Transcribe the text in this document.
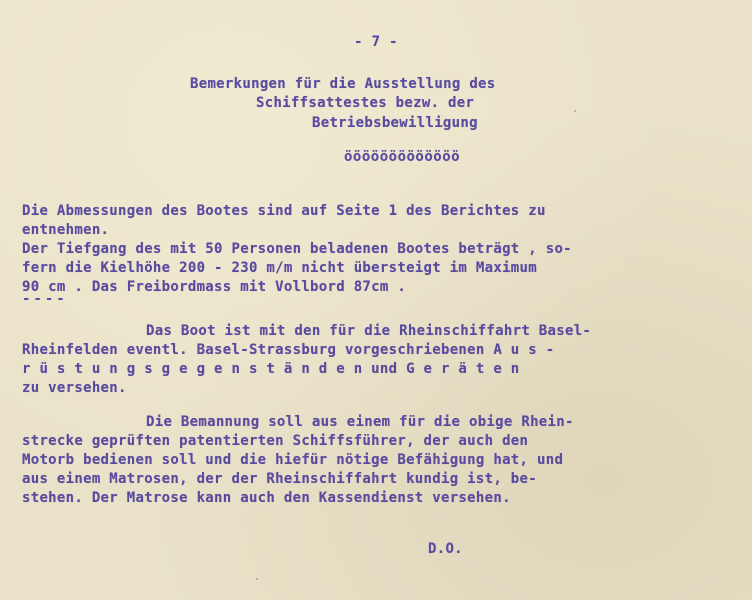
- 7 -
Bemerkungen für die Ausstellung des
Schiffsattestes bezw. der
Betriebsbewilligung
ööööööööööööö
Die Abmessungen des Bootes sind auf Seite 1 des Berichtes zu
entnehmen.
Der Tiefgang des mit 50 Personen beladenen Bootes beträgt , so-
fern die Kielhöhe 200 - 230 m/m nicht übersteigt im Maximum
90 cm . Das Freibordmass mit Vollbord 87cm .
----
Das Boot ist mit den für die Rheinschiffahrt Basel-
Rheinfelden eventl. Basel-Strassburg vorgeschriebenen A u s -
r ü s t u n g s g e g e n s t ä n d e n und G e r ä t e n
zu versehen.
Die Bemannung soll aus einem für die obige Rhein-
strecke geprüften patentierten Schiffsführer, der auch den
Motorb bedienen soll und die hiefür nötige Befähigung hat, und
aus einem Matrosen, der der Rheinschiffahrt kundig ist, be-
stehen. Der Matrose kann auch den Kassendienst versehen.
D.O.
